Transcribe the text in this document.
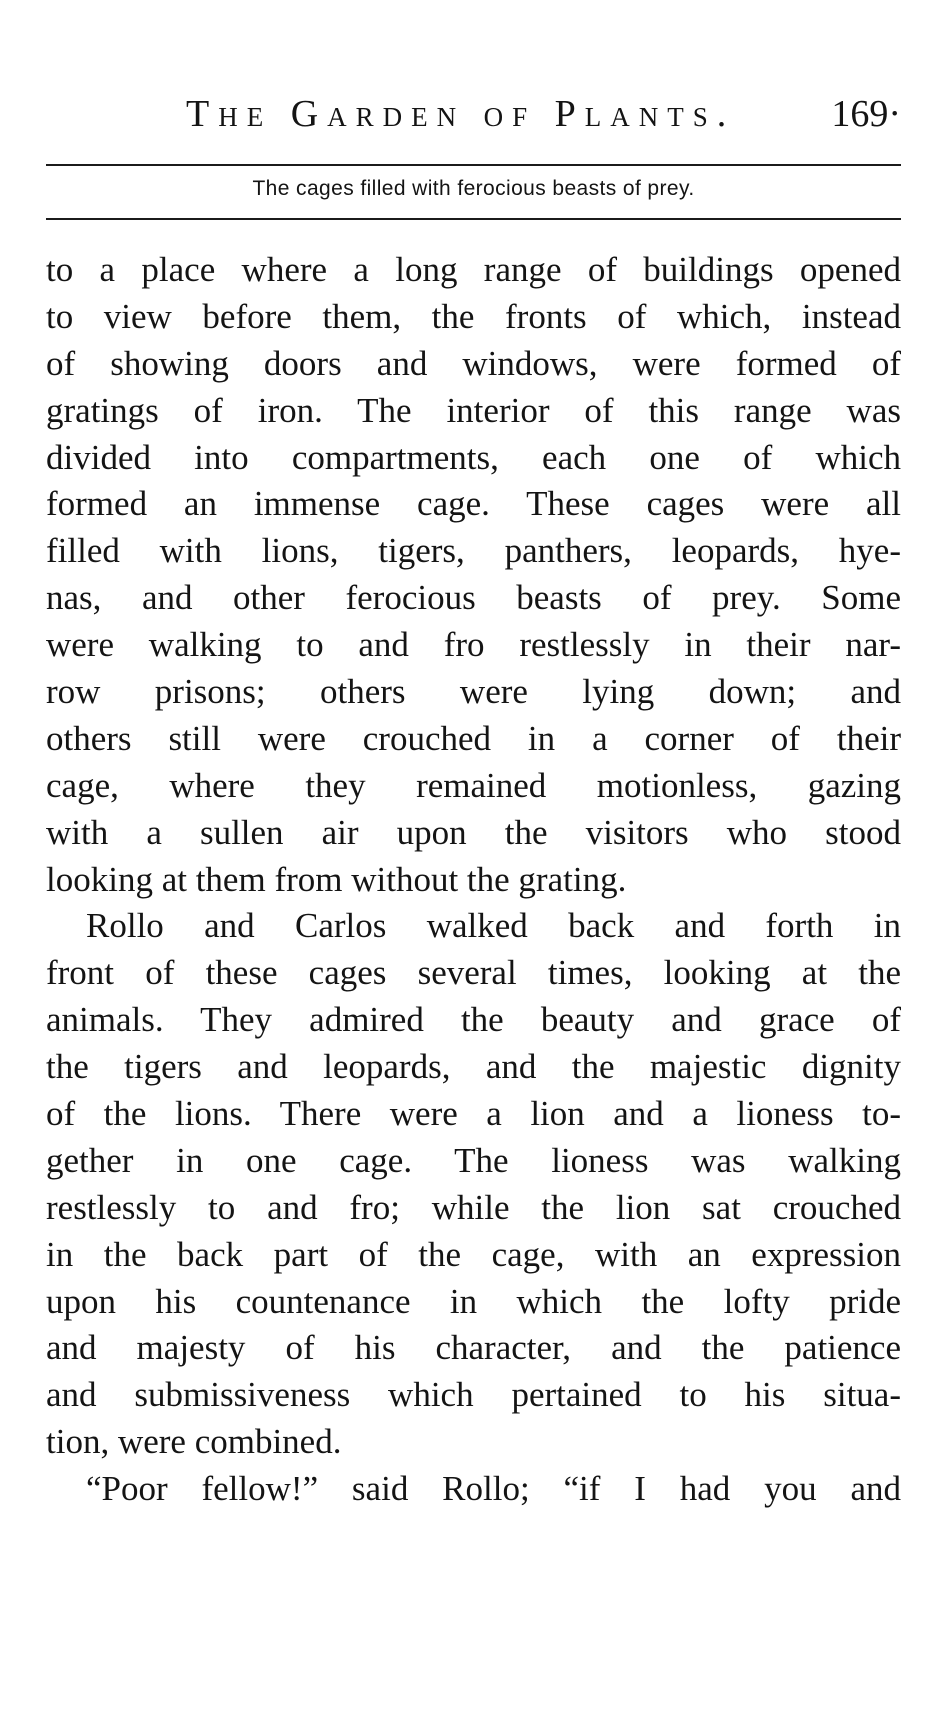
The Garden of Plants.	169·
The cages filled with ferocious beasts of prey.
to a place where a long range of buildings opened
to view before them, the fronts of which, instead
of showing doors and windows, were formed of
gratings of iron. The interior of this range was
divided into compartments, each one of which
formed an immense cage. These cages were all
filled with lions, tigers, panthers, leopards, hye-
nas, and other ferocious beasts of prey. Some
were walking to and fro restlessly in their nar-
row prisons; others were lying down; and
others still were crouched in a corner of their
cage, where they remained motionless, gazing
with a sullen air upon the visitors who stood
looking at them from without the grating.
Rollo and Carlos walked back and forth in
front of these cages several times, looking at the
animals. They admired the beauty and grace of
the tigers and leopards, and the majestic dignity
of the lions. There were a lion and a lioness to-
gether in one cage. The lioness was walking
restlessly to and fro; while the lion sat crouched
in the back part of the cage, with an expression
upon his countenance in which the lofty pride
and majesty of his character, and the patience
and submissiveness which pertained to his situa-
tion, were combined.
“Poor fellow!” said Rollo; “if I had you and
